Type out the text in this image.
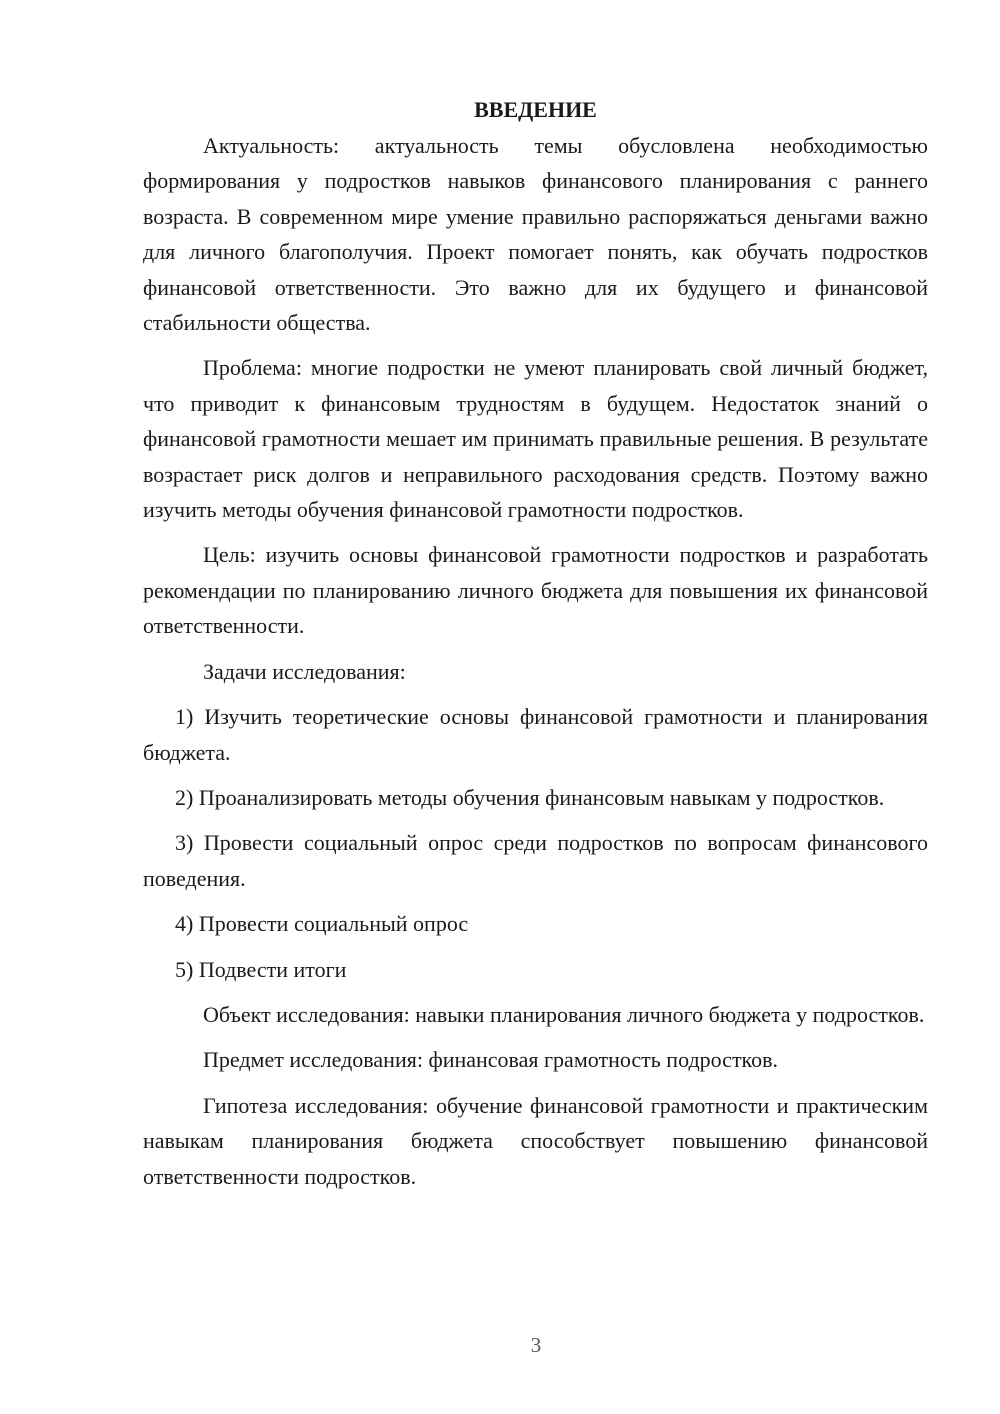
ВВЕДЕНИЕ

Актуальность: актуальность темы обусловлена необходимостью формирования у подростков навыков финансового планирования с раннего возраста. В современном мире умение правильно распоряжаться деньгами важно для личного благополучия. Проект помогает понять, как обучать подростков финансовой ответственности. Это важно для их будущего и финансовой стабильности общества.

Проблема: многие подростки не умеют планировать свой личный бюджет, что приводит к финансовым трудностям в будущем. Недостаток знаний о финансовой грамотности мешает им принимать правильные решения. В результате возрастает риск долгов и неправильного расходования средств. Поэтому важно изучить методы обучения финансовой грамотности подростков.

Цель: изучить основы финансовой грамотности подростков и разработать рекомендации по планированию личного бюджета для повышения их финансовой ответственности.

Задачи исследования:

1) Изучить теоретические основы финансовой грамотности и планирования бюджета.

2) Проанализировать методы обучения финансовым навыкам у подростков.

3) Провести социальный опрос среди подростков по вопросам финансового поведения.

4) Провести социальный опрос

5) Подвести итоги

Объект исследования: навыки планирования личного бюджета у подростков.

Предмет исследования: финансовая грамотность подростков.

Гипотеза исследования: обучение финансовой грамотности и практическим навыкам планирования бюджета способствует повышению финансовой ответственности подростков.

3
